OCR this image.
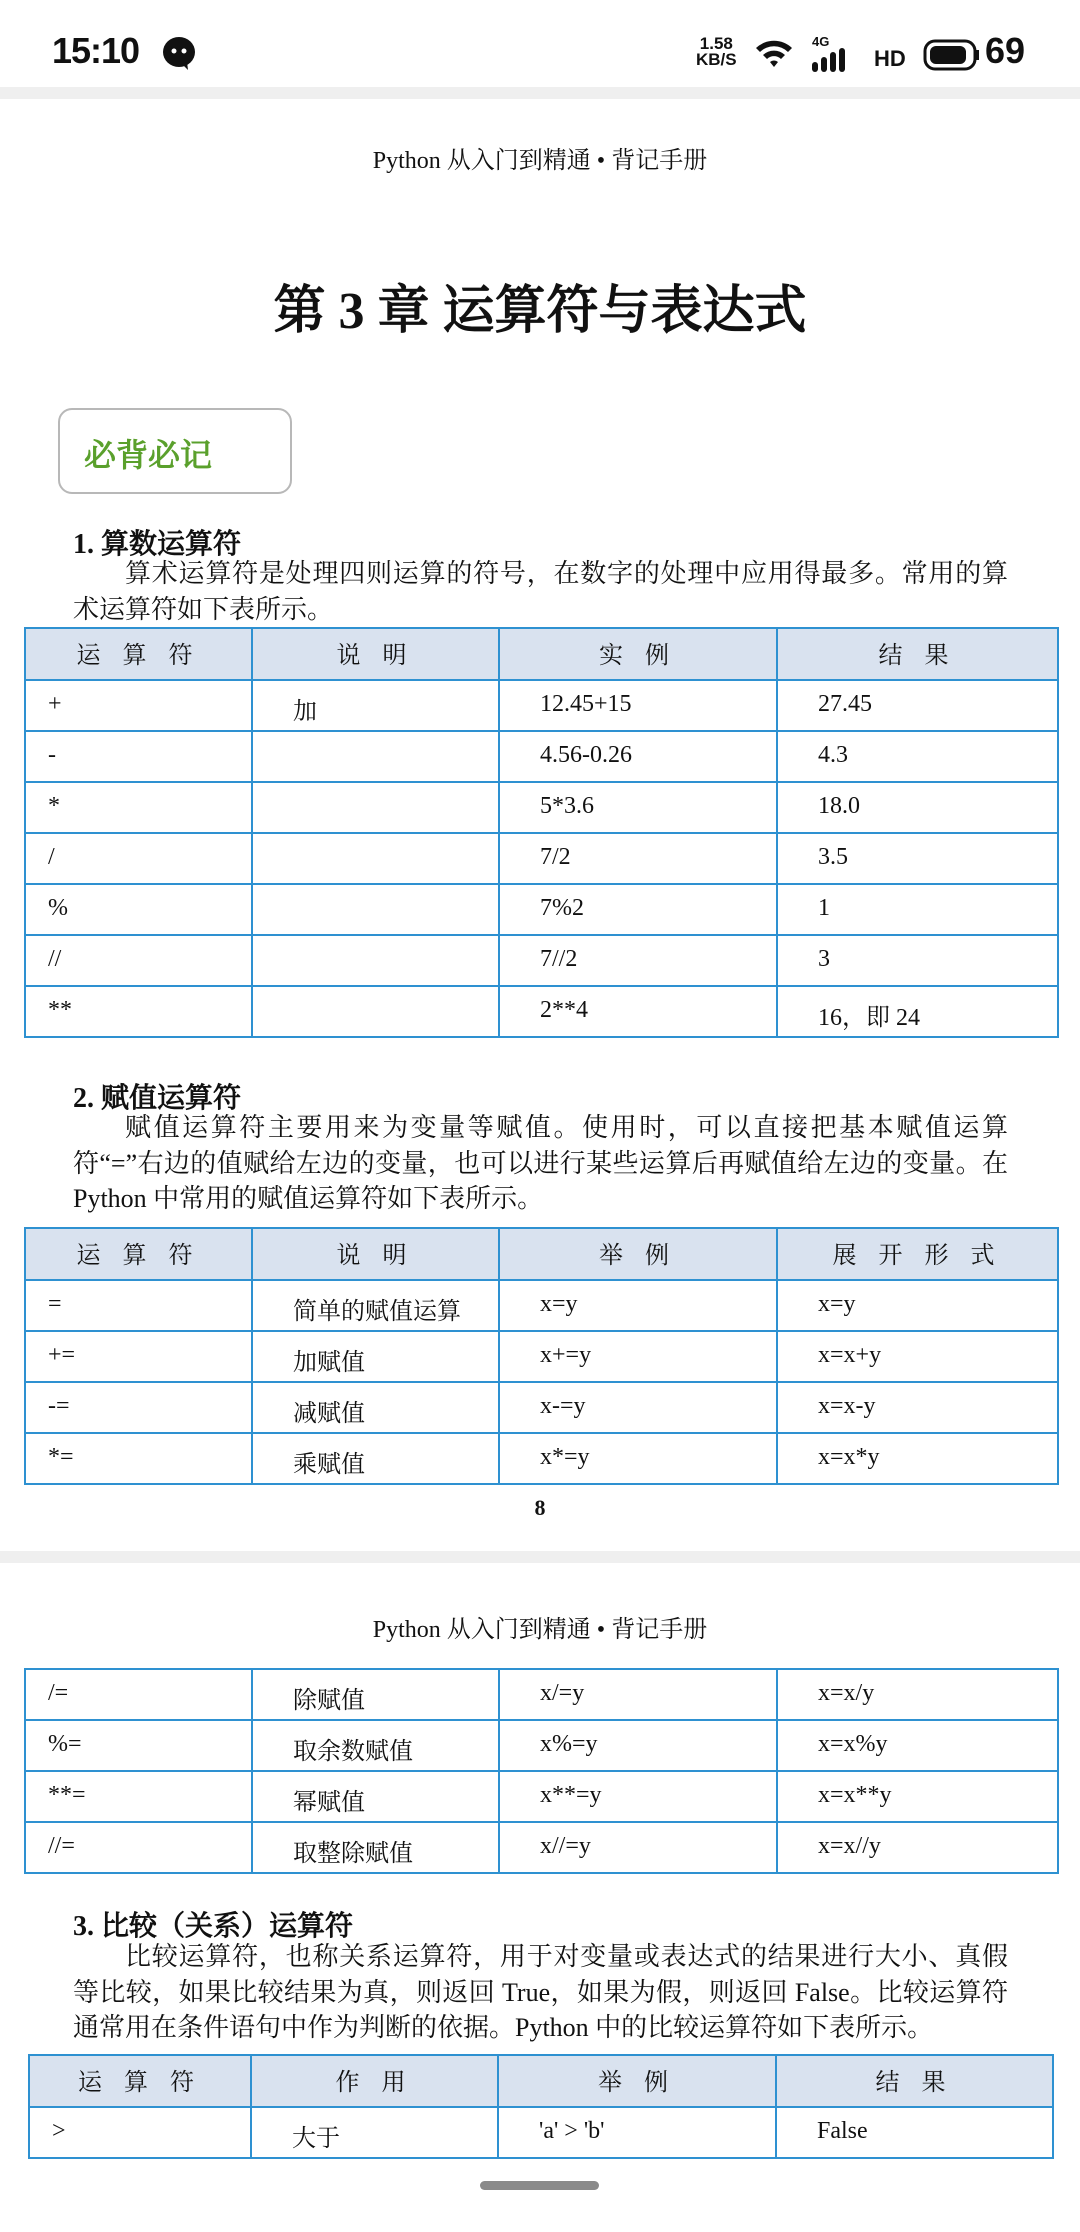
15:10	1.58
KB/S
4G
HD 69
Python 从入门到精通 • 背记手册
第 3 章 运算符与表达式
必背必记
1. 算数运算符
算术运算符是处理四则运算的符号，在数字的处理中应用得最多。常用的算术运算符如下表所示。
运 算 符	说 明	实 例	结 果
+	加	12.45+15	27.45
-		4.56-0.26	4.3
*		5*3.6	18.0
/		7/2	3.5
%		7%2	1
//		7//2	3
**		2**4	16，即 24
2. 赋值运算符
赋值运算符主要用来为变量等赋值。使用时，可以直接把基本赋值运算符“=”右边的值赋给左边的变量，也可以进行某些运算后再赋值给左边的变量。在 Python 中常用的赋值运算符如下表所示。
运 算 符	说 明	举 例	展 开 形 式
=	简单的赋值运算	x=y	x=y
+=	加赋值	x+=y	x=x+y
-=	减赋值	x-=y	x=x-y
*=	乘赋值	x*=y	x=x*y
8
Python 从入门到精通 • 背记手册
/=	除赋值	x/=y	x=x/y
%=	取余数赋值	x%=y	x=x%y
**=	幂赋值	x**=y	x=x**y
//=	取整除赋值	x//=y	x=x//y
3. 比较（关系）运算符
比较运算符，也称关系运算符，用于对变量或表达式的结果进行大小、真假等比较，如果比较结果为真，则返回 True，如果为假，则返回 False。比较运算符通常用在条件语句中作为判断的依据。Python 中的比较运算符如下表所示。
运 算 符	作 用	举 例	结 果
>	大于	'a' > 'b'	False
